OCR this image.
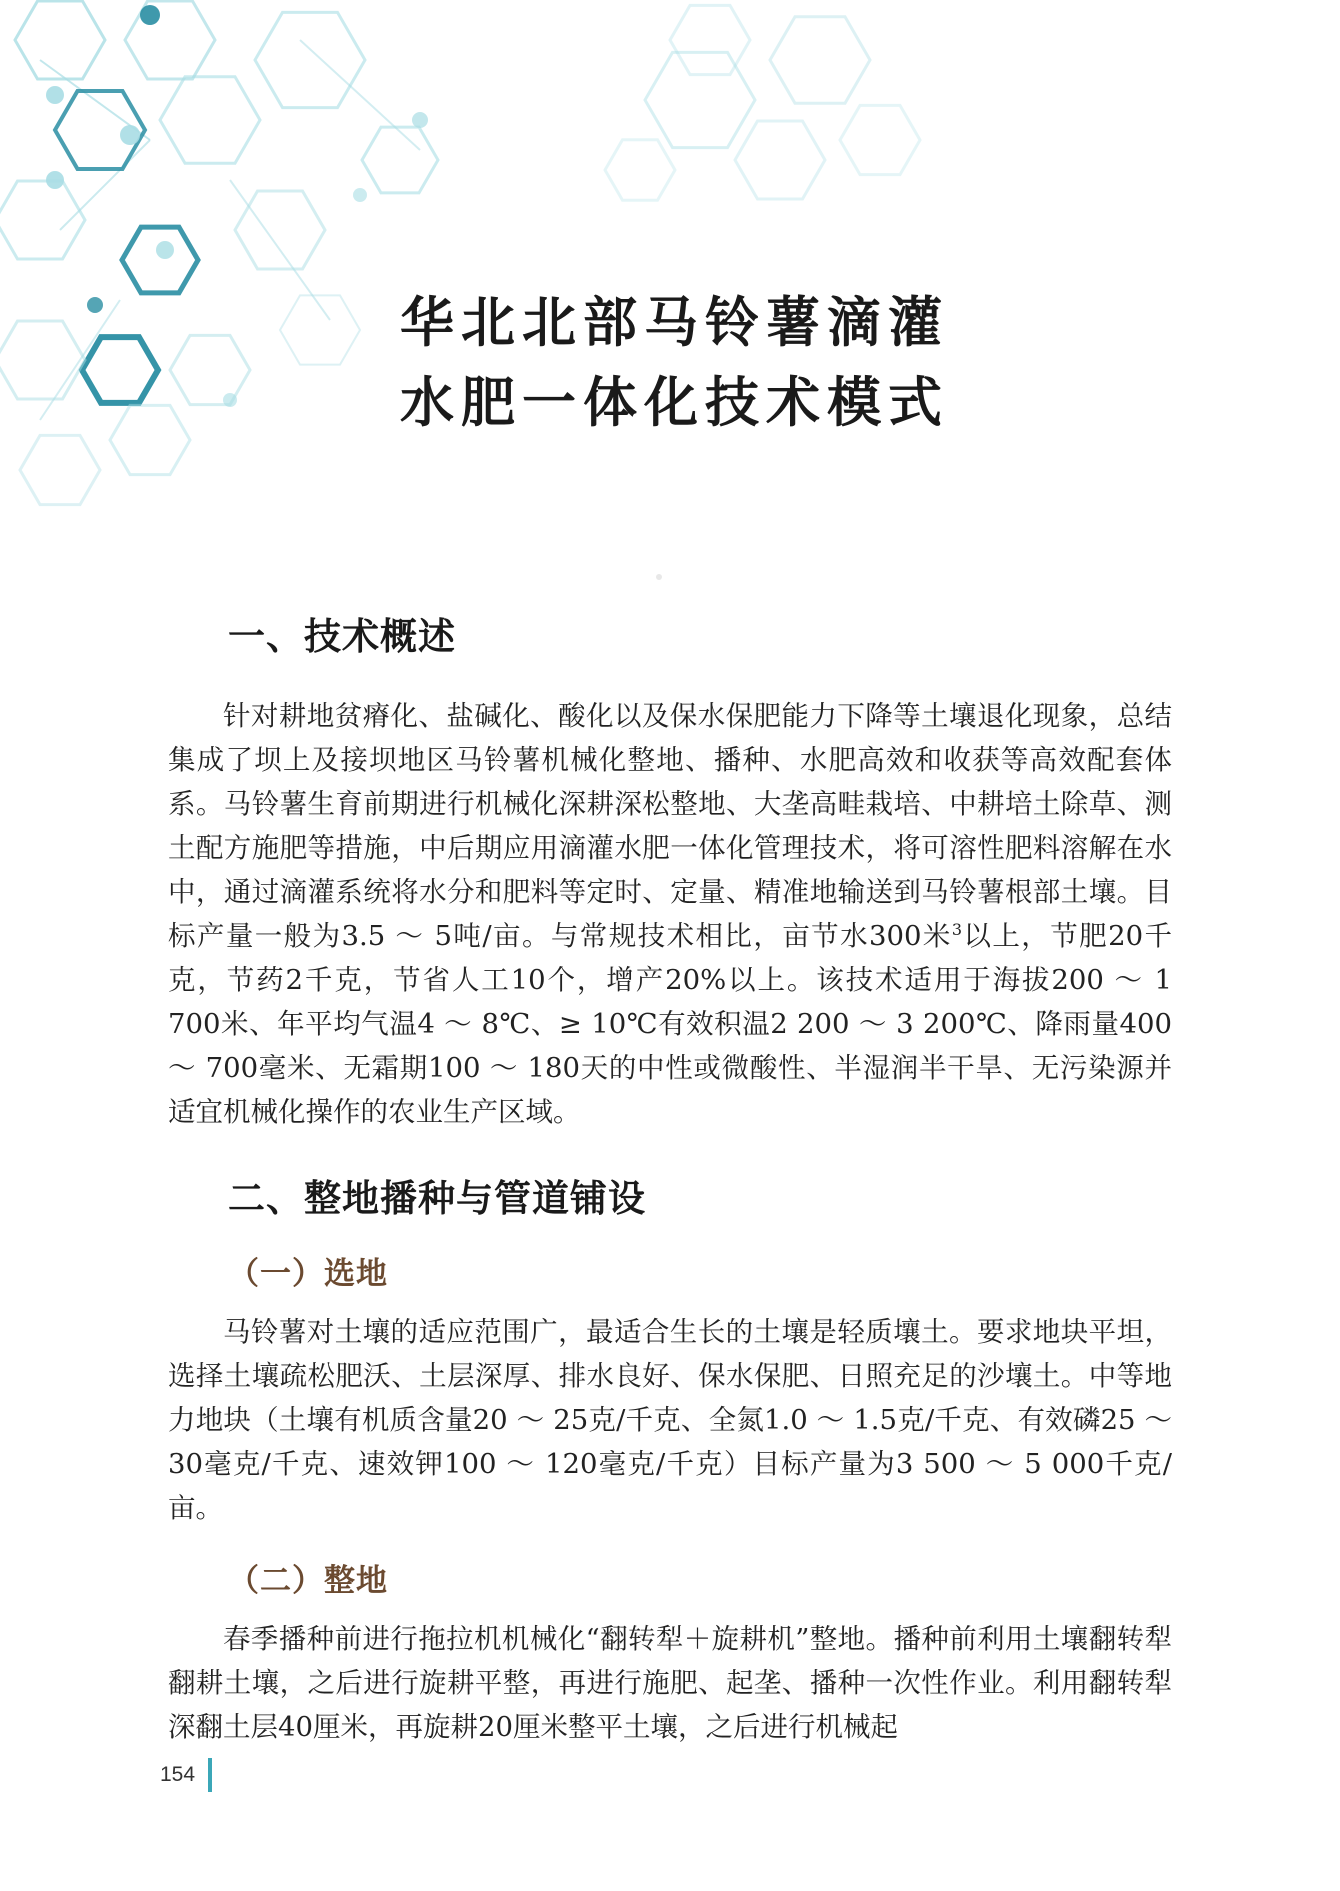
华北北部马铃薯滴灌
水肥一体化技术模式
一、技术概述

针对耕地贫瘠化、盐碱化、酸化以及保水保肥能力下降等土壤退化现象，总结集成了坝上及接坝地区马铃薯机械化整地、播种、水肥高效和收获等高效配套体系。马铃薯生育前期进行机械化深耕深松整地、大垄高畦栽培、中耕培土除草、测土配方施肥等措施，中后期应用滴灌水肥一体化管理技术，将可溶性肥料溶解在水中，通过滴灌系统将水分和肥料等定时、定量、精准地输送到马铃薯根部土壤。目标产量一般为3.5 ～ 5吨/亩。与常规技术相比，亩节水300米$^3$以上，节肥20千克，节药2千克，节省人工10个，增产20%以上。该技术适用于海拔200 ～ 1 700米、年平均气温4 ～ 8℃、≥ 10℃有效积温2 200 ～ 3 200℃、降雨量400 ～ 700毫米、无霜期100 ～ 180天的中性或微酸性、半湿润半干旱、无污染源并适宜机械化操作的农业生产区域。

二、整地播种与管道铺设
（一）选地

马铃薯对土壤的适应范围广，最适合生长的土壤是轻质壤土。要求地块平坦，选择土壤疏松肥沃、土层深厚、排水良好、保水保肥、日照充足的沙壤土。中等地力地块（土壤有机质含量20 ～ 25克/千克、全氮1.0 ～ 1.5克/千克、有效磷25 ～ 30毫克/千克、速效钾100 ～ 120毫克/千克）目标产量为3 500 ～ 5 000千克/亩。

（二）整地

春季播种前进行拖拉机机械化“翻转犁＋旋耕机”整地。播种前利用土壤翻转犁翻耕土壤，之后进行旋耕平整，再进行施肥、起垄、播种一次性作业。利用翻转犁深翻土层40厘米，再旋耕20厘米整平土壤，之后进行机械起

154
